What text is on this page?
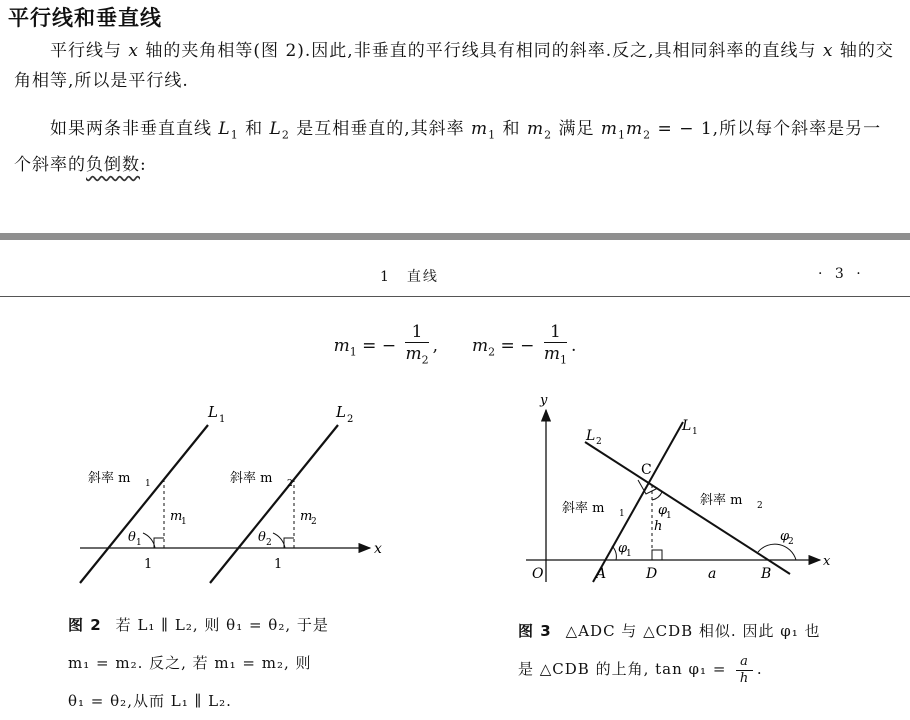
平行线和垂直线
平行线与 x 轴的夹角相等(图 2).因此,非垂直的平行线具有相同的斜率.反之,具相同斜率的直线与 x 轴的交角相等,所以是平行线.
如果两条非垂直直线 $L_1$ 和 $L_2$ 是互相垂直的,其斜率 $m_1$ 和 $m_2$ 满足 $m_1m_2$ = − 1,所以每个斜率是另一个斜率的负倒数:
1　直线	· 3 ·
$m_1$ = − $\frac{1}{m_2}$ ,　　$m_2$ = − $\frac{1}{m_1}$ .
x
L 1	L 2
斜率 m 1	斜率 m 2
m
1	m
2
θ 1	θ 2
1	1
y
x
L 1
L 2
C
A	D	B
O	a
h
φ
1
φ
1
φ
2
斜率 m 1
斜率 m 2
图 2 若 L₁ ∥ L₂, 则 θ₁ = θ₂, 于是
m₁ = m₂. 反之, 若 m₁ = m₂, 则
θ₁ = θ₂,从而 L₁ ∥ L₂.
图 3 △ADC 与 △CDB 相似. 因此 φ₁ 也
是 △CDB 的上角, $\tan \varphi_1 = \frac{a}{h}$ .
